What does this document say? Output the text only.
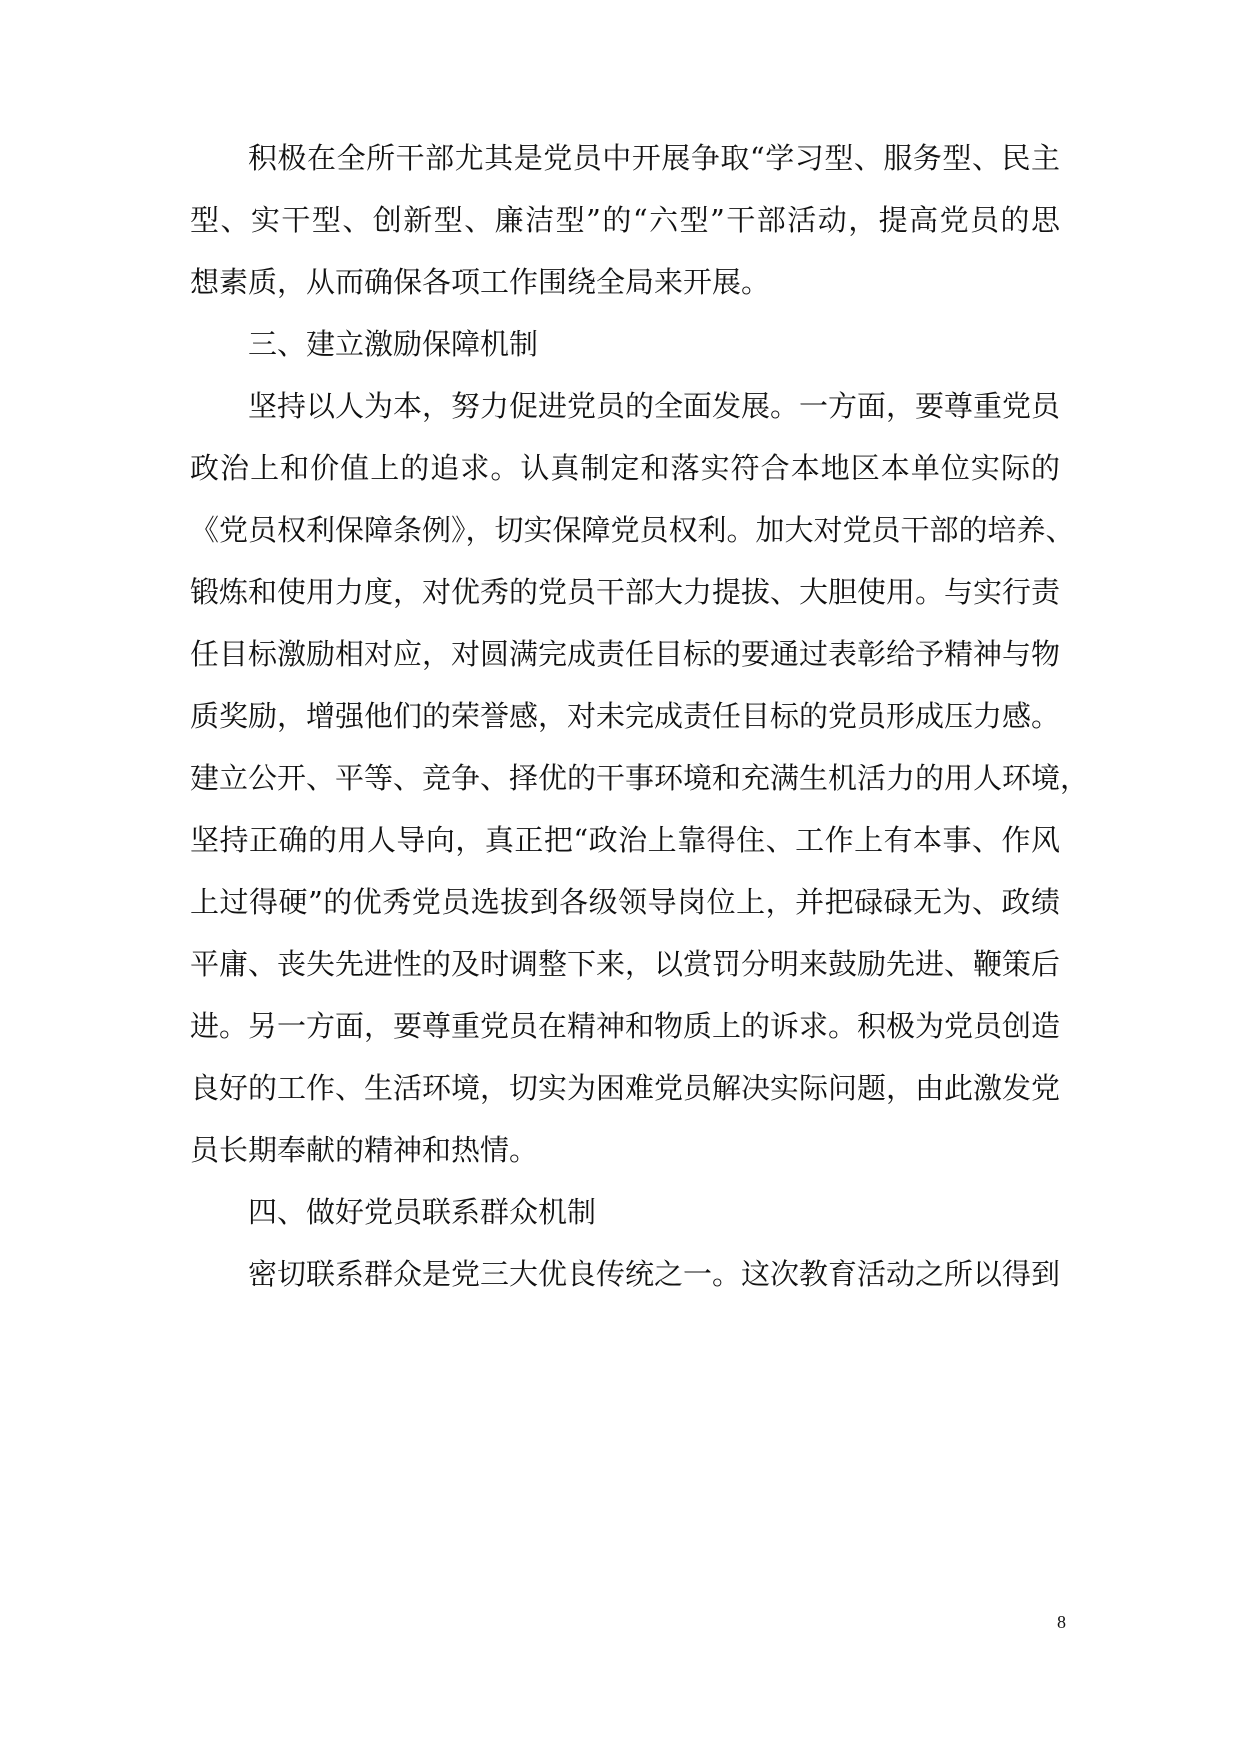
积极在全所干部尤其是党员中开展争取“学习型、服务型、民主
型、实干型、创新型、廉洁型”的“六型”干部活动，提高党员的思
想素质，从而确保各项工作围绕全局来开展。
三、建立激励保障机制
坚持以人为本，努力促进党员的全面发展。一方面，要尊重党员
政治上和价值上的追求。认真制定和落实符合本地区本单位实际的
《党员权利保障条例》，切实保障党员权利。加大对党员干部的培养、
锻炼和使用力度，对优秀的党员干部大力提拔、大胆使用。与实行责
任目标激励相对应，对圆满完成责任目标的要通过表彰给予精神与物
质奖励，增强他们的荣誉感，对未完成责任目标的党员形成压力感。
建立公开、平等、竞争、择优的干事环境和充满生机活力的用人环境，
坚持正确的用人导向，真正把“政治上靠得住、工作上有本事、作风
上过得硬”的优秀党员选拔到各级领导岗位上，并把碌碌无为、政绩
平庸、丧失先进性的及时调整下来，以赏罚分明来鼓励先进、鞭策后
进。另一方面，要尊重党员在精神和物质上的诉求。积极为党员创造
良好的工作、生活环境，切实为困难党员解决实际问题，由此激发党
员长期奉献的精神和热情。
四、做好党员联系群众机制
密切联系群众是党三大优良传统之一。这次教育活动之所以得到
8
